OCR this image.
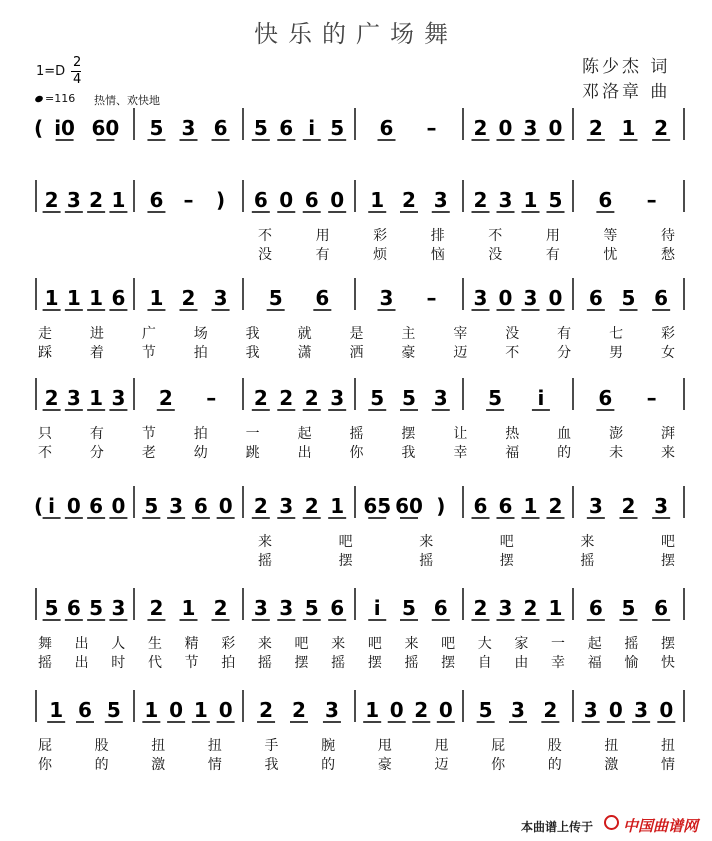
快乐的广场舞
陈少杰 词
邓洛章 曲
1=D
2
4
=116 热情、欢快地
( i0 60 5 3 6 5 6 i 5 6 – 2 0 3 0 2 1 2
2 3 2 1 6 – ) 6 0 6 0 1 2 3 2 3 1 5 6 –
不	用	彩	排	不	用	等	待
没	有	烦	恼	没	有	忧	愁
1 1 1 6 1 2 3 5 6	3 – 3 0 3 0 6 5 6
走	进	广	场	我	就	是	主	宰	没	有	七	彩
踩	着	节	拍	我	潇	洒	豪	迈	不	分	男	女
2 3 1 3 2 – 2 2 2 3 5 5 3 5 i	6 –
只	有	节	拍	一	起	摇	摆	让	热	血	澎	湃
不	分	老	幼	跳	出	你	我	幸	福	的	未	来
( i 0 6 0 5 3 6 0 2 3 2 1 65 60 ) 6 6 1 2 3 2 3
来	吧	来	吧	来	吧
摇	摆	摇	摆	摇	摆
5 6 5 3 2 1 2 3 3 5 6 i 5 6 2 3 2 1 6 5 6
舞 出 人 生 精 彩 来 吧 来 吧 来 吧 大 家 一 起 摇 摆
摇 出 时 代 节 拍 摇 摆 摇 摆 摇 摆 自 由 幸 福 愉 快
1 6 5 1 0 1 0 2 2 3 1 0 2 0 5 3 2 3 0 3 0
屁	股	扭	扭	手	腕	甩	甩	屁	股	扭	扭
你	的	激	情	我	的	豪	迈	你	的	激	情
本曲谱上传于 中国曲谱网
